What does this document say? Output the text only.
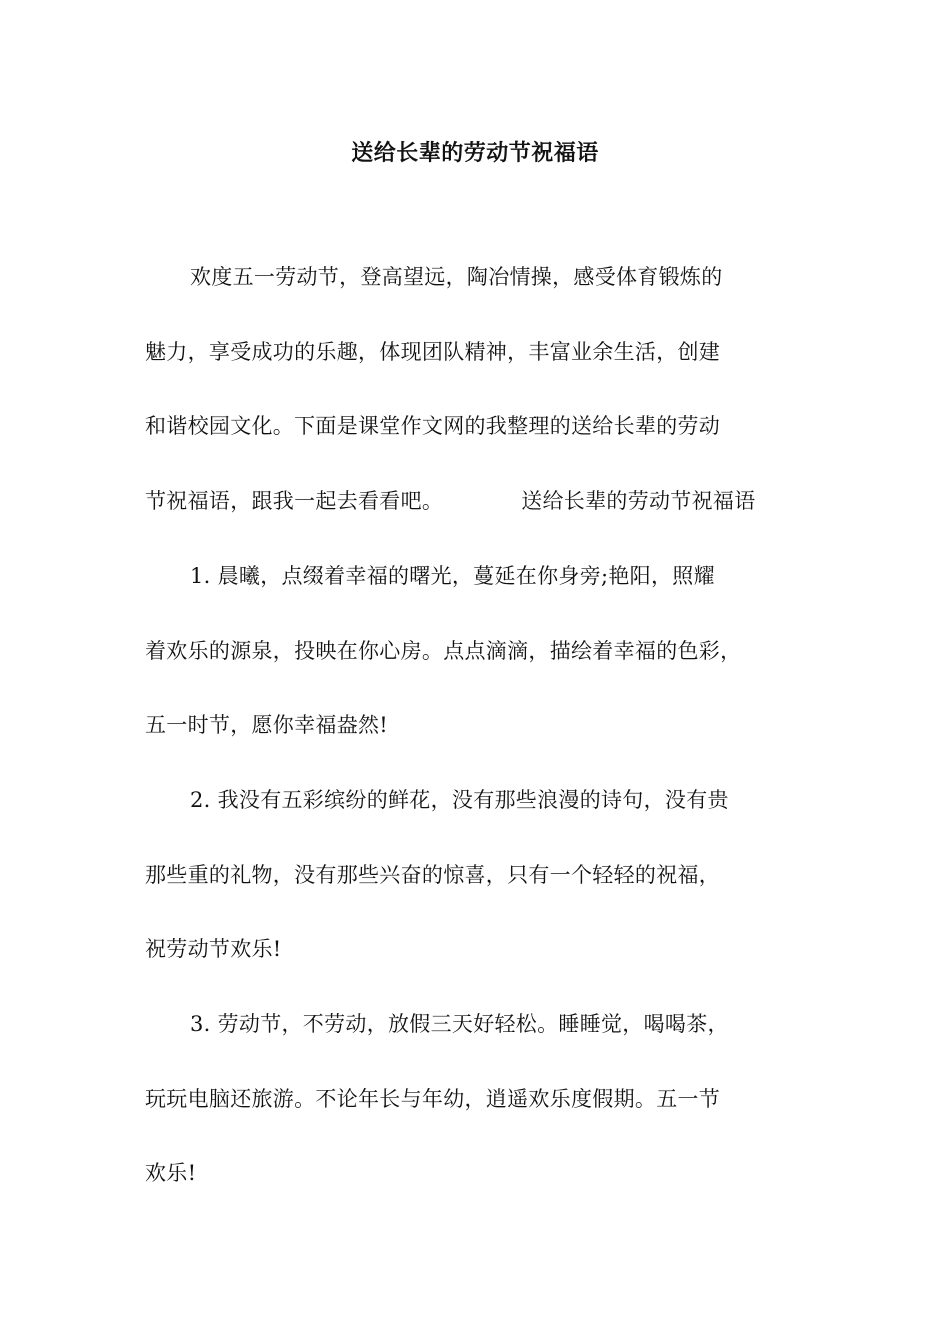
送给长辈的劳动节祝福语
欢度五一劳动节，登高望远，陶冶情操，感受体育锻炼的
魅力，享受成功的乐趣，体现团队精神，丰富业余生活，创建
和谐校园文化。下面是课堂作文网的我整理的送给长辈的劳动
节祝福语，跟我一起去看看吧。	送给长辈的劳动节祝福语
1. 晨曦，点缀着幸福的曙光，蔓延在你身旁;艳阳，照耀
着欢乐的源泉，投映在你心房。点点滴滴，描绘着幸福的色彩，
五一时节，愿你幸福盎然!
2. 我没有五彩缤纷的鲜花，没有那些浪漫的诗句，没有贵
那些重的礼物，没有那些兴奋的惊喜，只有一个轻轻的祝福，
祝劳动节欢乐!
3. 劳动节，不劳动，放假三天好轻松。睡睡觉，喝喝茶，
玩玩电脑还旅游。不论年长与年幼，逍遥欢乐度假期。五一节
欢乐!
